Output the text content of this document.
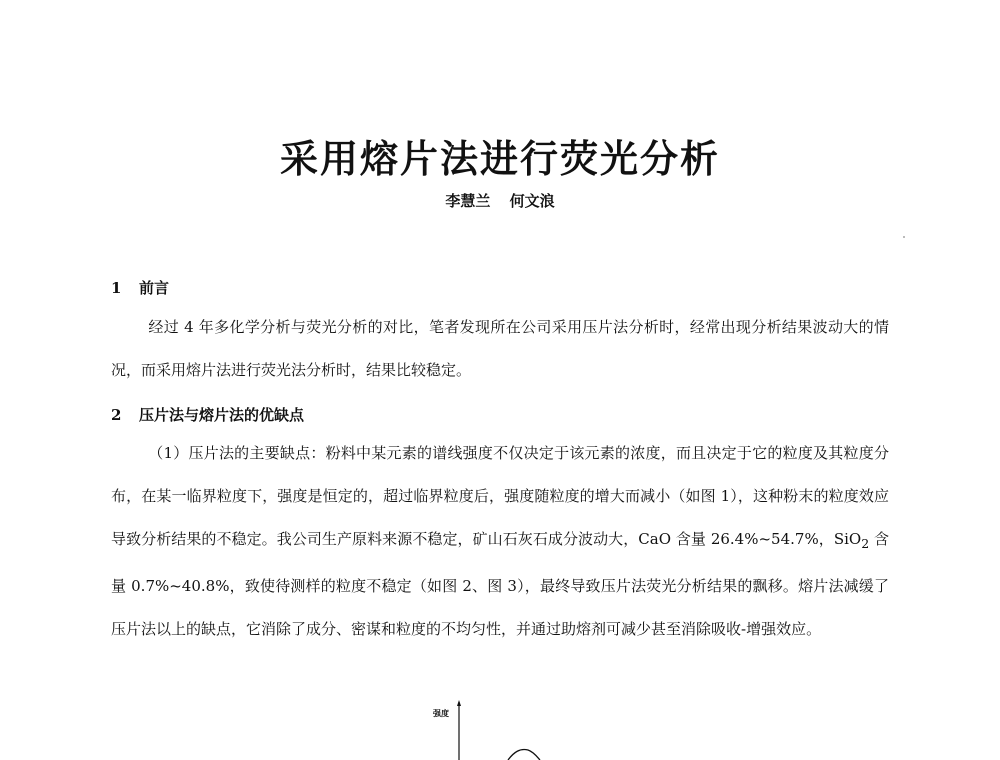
采用熔片法进行荧光分析
李慧兰 何文浪
1 前言
经过 4 年多化学分析与荧光分析的对比，笔者发现所在公司采用压片法分析时，经常出现分析结果波动大的情况，而采用熔片法进行荧光法分析时，结果比较稳定。
2 压片法与熔片法的优缺点
（1）压片法的主要缺点：粉料中某元素的谱线强度不仅决定于该元素的浓度，而且决定于它的粒度及其粒度分布，在某一临界粒度下，强度是恒定的，超过临界粒度后，强度随粒度的增大而减小（如图 1），这种粉末的粒度效应导致分析结果的不稳定。我公司生产原料来源不稳定，矿山石灰石成分波动大，CaO 含量 26.4%~54.7%，SiO$_2$ 含量 0.7%~40.8%，致使待测样的粒度不稳定（如图 2、图 3），最终导致压片法荧光分析结果的飘移。熔片法减缓了压片法以上的缺点，它消除了成分、密谋和粒度的不均匀性，并通过助熔剂可减少甚至消除吸收-增强效应。
强度
